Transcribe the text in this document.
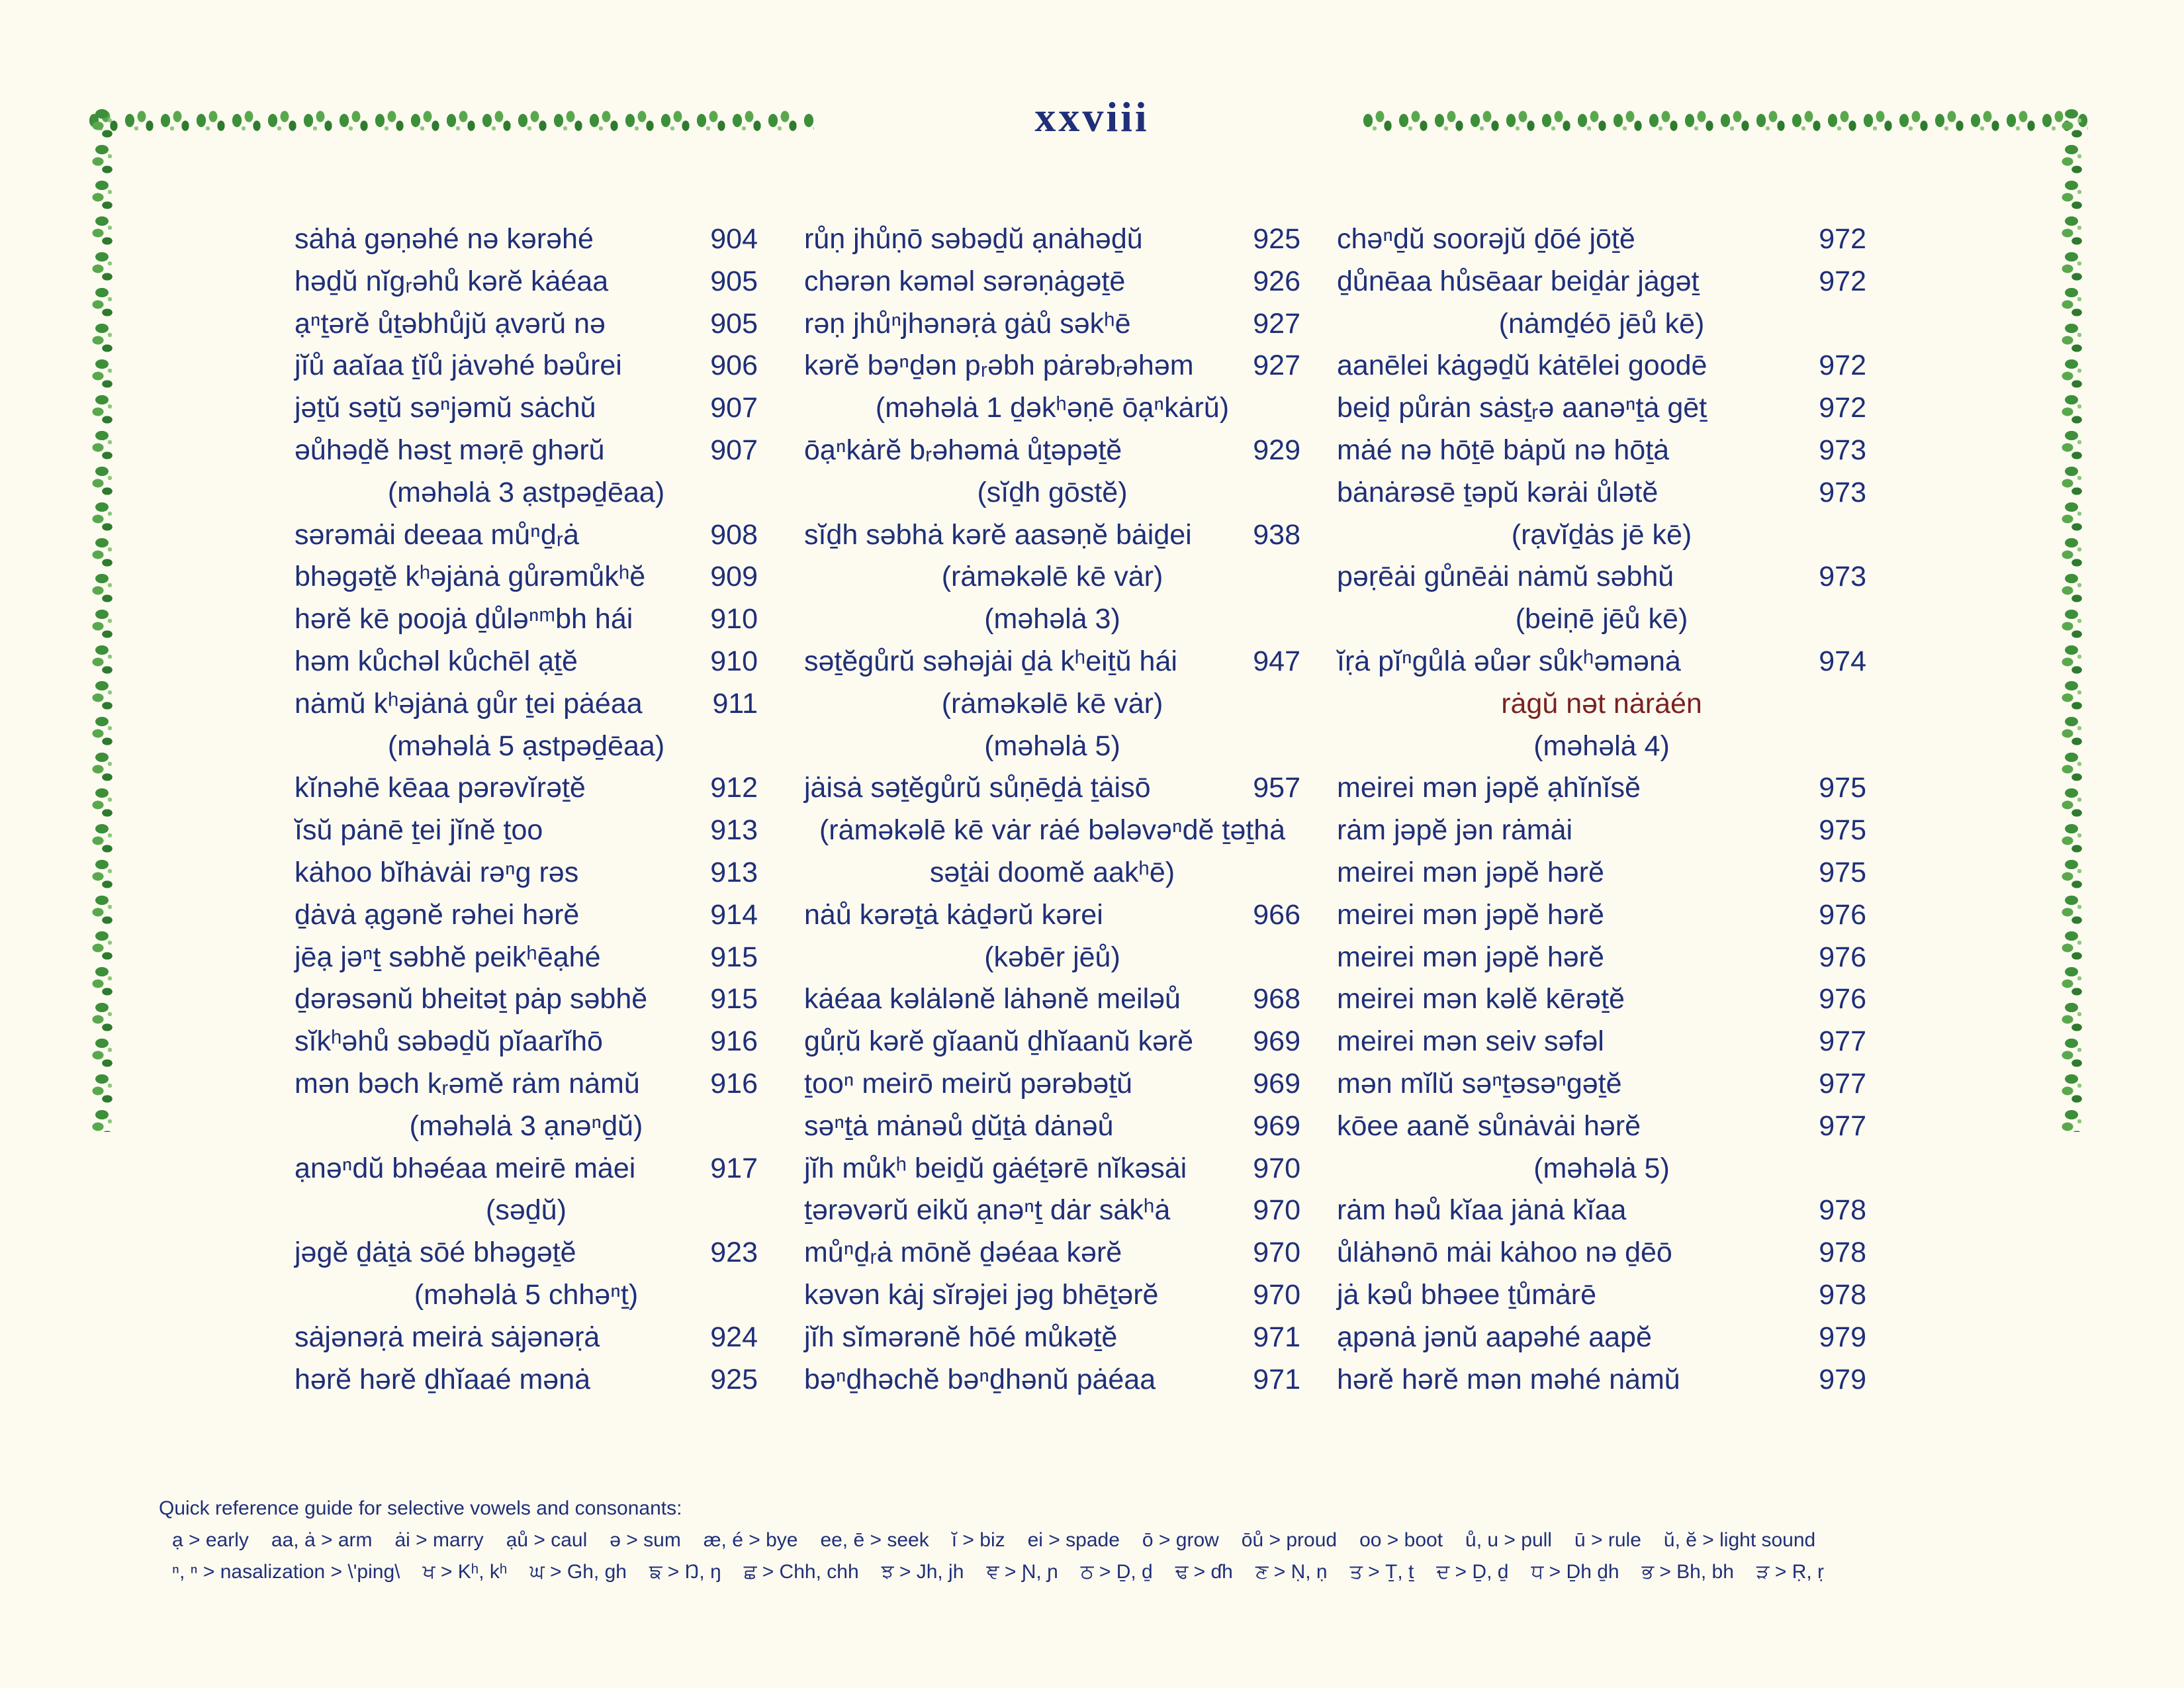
xxviii
sȧhȧ gəṇəhé nə kərəhé	904
həḏŭ nĭgᵣəhů kərĕ kȧéaa	905
ạⁿṯərĕ ůṯəbhůjŭ ạvərŭ nə	905
jĭů aaĭaa ṯĭů jȧvəhé bəůrei	906
jəṯŭ səṯŭ səⁿjəmŭ sȧchŭ	907
əůhəḏĕ həsṯ məṛē ghərŭ	907
(məhəlȧ 3 ạstpəḏēaa)
sərəmȧi deeaa můⁿḏᵣȧ	908
bhəgəṯĕ kʰəjȧnȧ gůrəmůkʰĕ 909
hərĕ kē poojȧ ḏůləⁿᵐbh hái	910
həm kůchəl kůchēl ạṯĕ	910
nȧmŭ kʰəjȧnȧ gůr ṯei pȧéaa 911
(məhəlȧ 5 ạstpəḏēaa)
kĭnəhē kēaa pərəvĭrəṯĕ	912
ĭsŭ pȧnē ṯei jĭnĕ ṯoo	913
kȧhoo bĭhȧvȧi rəⁿg rəs	913
ḏȧvȧ ạgənĕ rəhei hərĕ	914
jēạ jəⁿṯ səbhĕ peikʰēạhé	915
ḏərəsənŭ bheitəṯ pȧp səbhĕ 915
sĭkʰəhů səbəḏŭ pĭaarĭhō	916
mən bəch kᵣəmĕ rȧm nȧmŭ 916
(məhəlȧ 3 ạnəⁿḏŭ)
ạnəⁿdŭ bhəéaa meirē mȧei	917
(səḏŭ)
jəgĕ ḏȧṯȧ sōé bhəgəṯĕ	923
(məhəlȧ 5 chhəⁿṯ)
sȧjənəṛȧ meirȧ sȧjənəṛȧ	924
hərĕ hərĕ ḏhĭaaé mənȧ	925
růṇ jhůṇō səbəḏŭ ạnȧhəḏŭ	925
chərən kəməl sərəṇȧgəṯē	926
rəṇ jhůⁿjhənəṛȧ gȧů səkʰē	927
kərĕ bəⁿḏən pᵣəbh pȧrəbᵣəhəm 927
(məhəlȧ 1 ḏəkʰəṇē ōạⁿkȧrŭ)
ōạⁿkȧrĕ bᵣəhəmȧ ůṯəpəṯĕ	929
(sĭḏh gōstĕ)
sĭḏh səbhȧ kərĕ aasəṇĕ bȧiḏei 938
(rȧməkəlē kē vȧr)
(məhəlȧ 3)
səṯĕgůrŭ səhəjȧi ḏȧ kʰeiṯŭ hái	947
(rȧməkəlē kē vȧr)
(məhəlȧ 5)
jȧisȧ səṯĕgůrŭ sůṇēḏȧ ṯȧisō	957
(rȧməkəlē kē vȧr rȧé bələvəⁿdĕ ṯəṯhȧ
səṯȧi doomĕ aakʰē)
nȧů kərəṯȧ kȧḏərŭ kərei	966
(kəbēr jēů)
kȧéaa kəlȧlənĕ lȧhənĕ meiləů	968
gůṛŭ kərĕ gĭaanŭ ḏhĭaanŭ kərĕ 969
ṯooⁿ meirō meirŭ pərəbəṯŭ	969
səⁿṯȧ mȧnəů ḏŭṯȧ dȧnəů	969
jĭh můkʰ beiḏŭ gȧéṯərē nĭkəsȧi 970
ṯərəvərŭ eikŭ ạnəⁿṯ dȧr sȧkʰȧ	970
můⁿḏᵣȧ mōnĕ ḏəéaa kərĕ	970
kəvən kȧj sĭrəjei jəg bhēṯərĕ	970
jĭh sĭmərənĕ hōé můkəṯĕ	971
bəⁿḏhəchĕ bəⁿḏhənŭ pȧéaa	971
chəⁿḏŭ soorəjŭ ḏōé jōṯĕ	972
ḏůnēaa hůsēaar beiḏȧr jȧgəṯ	972
(nȧmḏéō jēů kē)
aanēlei kȧgəḏŭ kȧtēlei goodē	972
beiḏ půrȧn sȧsṯᵣə aanəⁿṯȧ gēṯ	972
mȧé nə hōṯē bȧpŭ nə hōṯȧ	973
bȧnȧrəsē ṯəpŭ kərȧi ůlətĕ	973
(rạvĭḏȧs jē kē)
pəṛēȧi gůnēȧi nȧmŭ səbhŭ	973
(beiṇē jēů kē)
ĭṛȧ pĭⁿgůlȧ əůər sůkʰəmənȧ	974
rȧgŭ nət nȧrȧén
(məhəlȧ 4)
meirei mən jəpĕ ạhĭnĭsĕ	975
rȧm jəpĕ jən rȧmȧi	975
meirei mən jəpĕ hərĕ	975
meirei mən jəpĕ hərĕ	976
meirei mən jəpĕ hərĕ	976
meirei mən kəlĕ kērəṯĕ	976
meirei mən seiv səfəl	977
mən mĭlŭ səⁿṯəsəⁿgəṯĕ	977
kōee aanĕ sůnȧvȧi hərĕ	977
(məhəlȧ 5)
rȧm həů kĭaa jȧnȧ kĭaa	978
ůlȧhənō mȧi kȧhoo nə ḏēō	978
jȧ kəů bhəee ṯůmȧrē	978
ạpənȧ jənŭ aapəhé aapĕ	979
hərĕ hərĕ mən məhé nȧmŭ	979
Quick reference guide for selective vowels and consonants:
ạ > early aa, ȧ > arm ȧi > marry ạů > caul ə > sum æ, é > bye ee, ē > seek ĭ > biz ei > spade ō > grow ōů > proud oo > boot ů, u > pull ū > rule ŭ, ĕ > light sound
ⁿ, ⁿ > nasalization > \'ping\ ਖ > Kʰ, kʰ ਘ > Gh, gh ਙ > Ŋ, ŋ ਛ > Chh, chh ਝ > Jh, jh ਞ > Ɲ, ɲ ਠ > Ḏ, ḏ ਢ > ɗh ਣ > Ṇ, ṇ ਤ > Ṯ, ṯ ਦ > Ḏ, ḏ ਧ > Ḏh ḏh ਭ > Bh, bh ੜ > Ṛ, ṛ
